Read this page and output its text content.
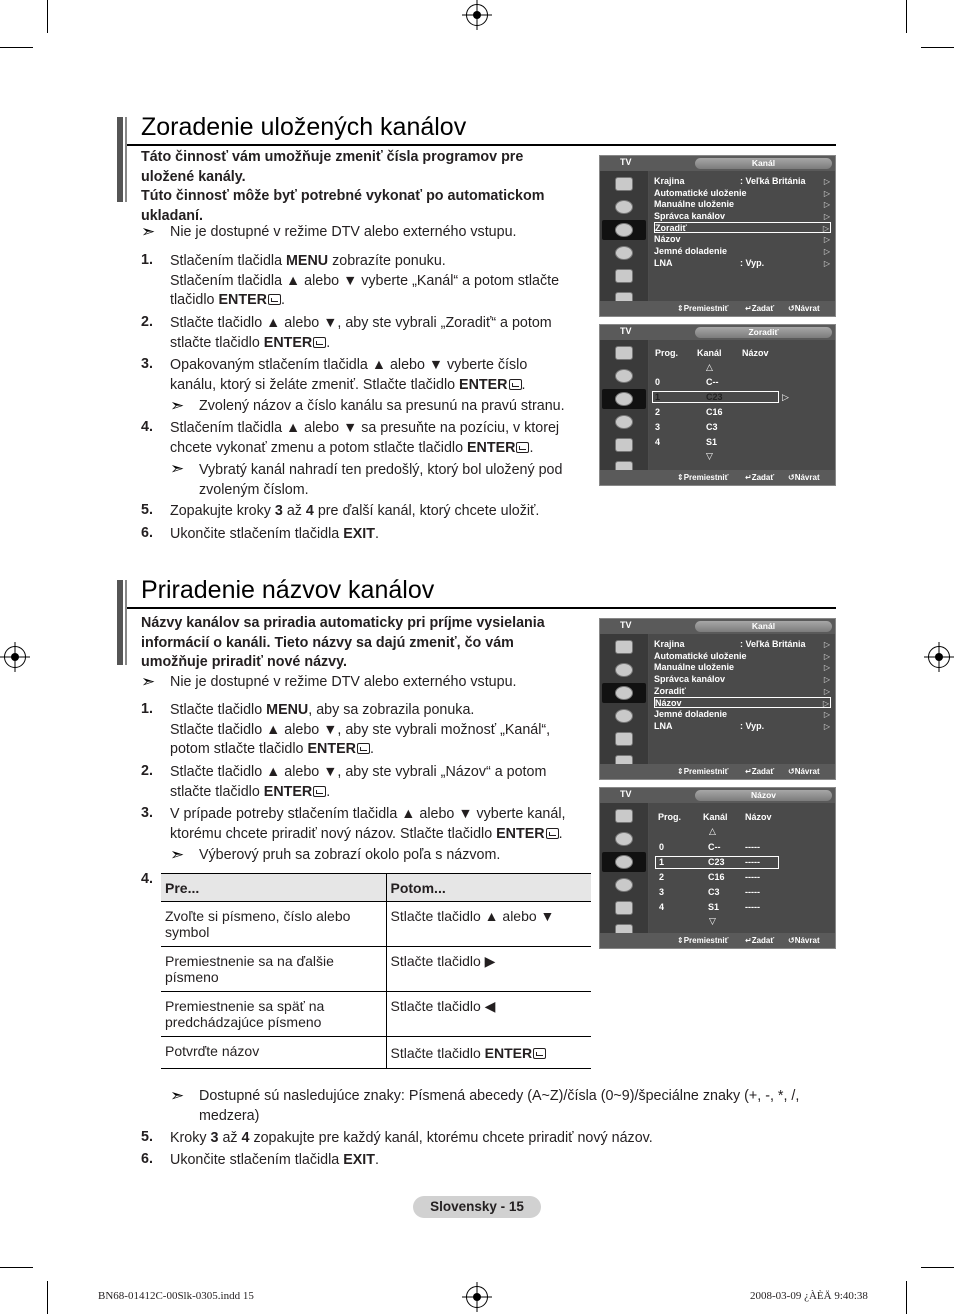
Zoradenie uložených kanálov
Táto činnosť vám umožňuje zmeniť čísla programov pre
uložené kanály.
Túto činnosť môže byť potrebné vykonať po automatickom
ukladaní.
➣ Nie je dostupné v režime DTV alebo externého vstupu.
1. Stlačením tlačidla MENU zobrazíte ponuku.
Stlačením tlačidla ▲ alebo ▼ vyberte „Kanál“ a potom stlačte
tlačidlo ENTER .
2. Stlačte tlačidlo ▲ alebo ▼, aby ste vybrali „Zoradiť“ a potom
stlačte tlačidlo ENTER .
3. Opakovaným stlačením tlačidla ▲ alebo ▼ vyberte číslo
kanálu, ktorý si želáte zmeniť. Stlačte tlačidlo ENTER .
➣ Zvolený názov a číslo kanálu sa presunú na pravú stranu.
4. Stlačením tlačidla ▲ alebo ▼ sa presuňte na pozíciu, v ktorej
chcete vykonať zmenu a potom stlačte tlačidlo ENTER .
➣ Vybratý kanál nahradí ten predošlý, ktorý bol uložený pod
zvoleným číslom.
5. Zopakujte kroky 3 až 4 pre ďalší kanál, ktorý chcete uložiť.
6. Ukončite stlačením tlačidla EXIT.
TV	Kanál
Krajina	: Veľká Británia ▷
Automatické uloženie	▷
Manuálne uloženie	▷
Správca kanálov	▷
Zoradiť	▷
Názov	▷
Jemné doladenie	▷
LNA	: Vyp.	▷
⇕ Premiestniť ↵ Zadať ↺ Návrat
TV	Zoradiť
Prog. Kanál Názov
△
0	C--
1	C23	▷
2	C16
3	C3
4	S1
▽
⇕ Premiestniť ↵ Zadať ↺ Návrat
Priradenie názvov kanálov
Názvy kanálov sa priradia automaticky pri príjme vysielania
informácií o kanáli. Tieto názvy sa dajú zmeniť, čo vám
umožňuje priradiť nové názvy.
➣ Nie je dostupné v režime DTV alebo externého vstupu.
1. Stlačte tlačidlo MENU, aby sa zobrazila ponuka.
Stlačte tlačidlo ▲ alebo ▼, aby ste vybrali možnosť „Kanál“,
potom stlačte tlačidlo ENTER .
2. Stlačte tlačidlo ▲ alebo ▼, aby ste vybrali „Názov“ a potom
stlačte tlačidlo ENTER .
3. V prípade potreby stlačením tlačidla ▲ alebo ▼ vyberte kanál,
ktorému chcete priradiť nový názov. Stlačte tlačidlo ENTER .
➣ Výberový pruh sa zobrazí okolo poľa s názvom.
4.
Pre...	Potom...

Zvoľte si písmeno, číslo alebo
symbol	Stlačte tlačidlo ▲ alebo ▼

Premiestnenie sa na ďalšie
písmeno	Stlačte tlačidlo ▶

Premiestnenie sa späť na
predchádzajúce písmeno	Stlačte tlačidlo ◀

Potvrďte názov	Stlačte tlačidlo ENTER
➣ Dostupné sú nasledujúce znaky: Písmená abecedy (A~Z)/čísla (0~9)/špeciálne znaky (+, -, *, /,
medzera)
5. Kroky 3 až 4 zopakujte pre každý kanál, ktorému chcete priradiť nový názov.
6. Ukončite stlačením tlačidla EXIT.
TV	Kanál
Krajina	: Veľká Británia ▷
Automatické uloženie	▷
Manuálne uloženie	▷
Správca kanálov	▷
Zoradiť	▷
Názov	▷
Jemné doladenie	▷
LNA	: Vyp.	▷
⇕ Premiestniť ↵ Zadať ↺ Návrat
TV	Názov
Prog. Kanál Názov
△
0	C--	-----
1	C23 -----
2	C16 -----
3	C3	-----
4	S1	-----
▽
⇕ Premiestniť ↵ Zadať ↺ Návrat
Slovensky - 15
BN68-01412C-00Slk-0305.indd 15	2008-03-09 ¿ÀÈÄ 9:40:38
